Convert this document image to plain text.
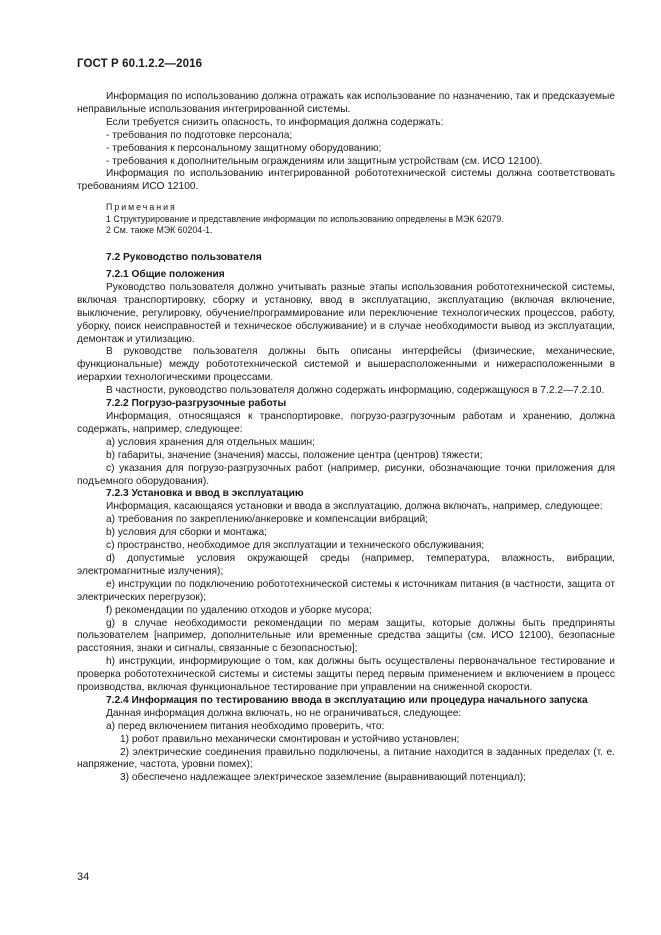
ГОСТ Р 60.1.2.2—2016

Информация по использованию должна отражать как использование по назначению, так и предсказуемые неправильные использования интегрированной системы.

Если требуется снизить опасность, то информация должна содержать:

- требования по подготовке персонала;

- требования к персональному защитному оборудованию;

- требования к дополнительным ограждениям или защитным устройствам (см. ИСО 12100).

Информация по использованию интегрированной робототехнической системы должна соответствовать требованиям ИСО 12100.

Примечания

1 Структурирование и представление информации по использованию определены в МЭК 62079.

2 См. также МЭК 60204-1.

7.2 Руководство пользователя

7.2.1 Общие положения

Руководство пользователя должно учитывать разные этапы использования робототехнической системы, включая транспортировку, сборку и установку, ввод в эксплуатацию, эксплуатацию (включая включение, выключение, регулировку, обучение/программирование или переключение технологических процессов, работу, уборку, поиск неисправностей и техническое обслуживание) и в случае необходимости вывод из эксплуатации, демонтаж и утилизацию.

В руководстве пользователя должны быть описаны интерфейсы (физические, механические, функциональные) между робототехнической системой и вышерасположенными и нижерасположенными в иерархии технологическими процессами.

В частности, руководство пользователя должно содержать информацию, содержащуюся в 7.2.2—7.2.10.

7.2.2 Погрузо-разгрузочные работы

Информация, относящаяся к транспортировке, погрузо-разгрузочным работам и хранению, должна содержать, например, следующее:

а) условия хранения для отдельных машин;

b) габариты, значение (значения) массы, положение центра (центров) тяжести;

с) указания для погрузо-разгрузочных работ (например, рисунки, обозначающие точки приложения для подъемного оборудования).

7.2.3 Установка и ввод в эксплуатацию

Информация, касающаяся установки и ввода в эксплуатацию, должна включать, например, следующее:

а) требования по закреплению/анкеровке и компенсации вибраций;

b) условия для сборки и монтажа;

с) пространство, необходимое для эксплуатации и технического обслуживания;

d) допустимые условия окружающей среды (например, температура, влажность, вибрации, электромагнитные излучения);

е) инструкции по подключению робототехнической системы к источникам питания (в частности, защита от электрических перегрузок);

f) рекомендации по удалению отходов и уборке мусора;

g) в случае необходимости рекомендации по мерам защиты, которые должны быть предприняты пользователем [например, дополнительные или временные средства защиты (см. ИСО 12100), безопасные расстояния, знаки и сигналы, связанные с безопасностью];

h) инструкции, информирующие о том, как должны быть осуществлены первоначальное тестирование и проверка робототехнической системы и системы защиты перед первым применением и включением в процесс производства, включая функциональное тестирование при управлении на сниженной скорости.

7.2.4 Информация по тестированию ввода в эксплуатацию или процедура начального запуска

Данная информация должна включать, но не ограничиваться, следующее:

а) перед включением питания необходимо проверить, что:

1) робот правильно механически смонтирован и устойчиво установлен;

2) электрические соединения правильно подключены, а питание находится в заданных пределах (т. е. напряжение, частота, уровни помех);

3) обеспечено надлежащее электрическое заземление (выравнивающий потенциал);

34
